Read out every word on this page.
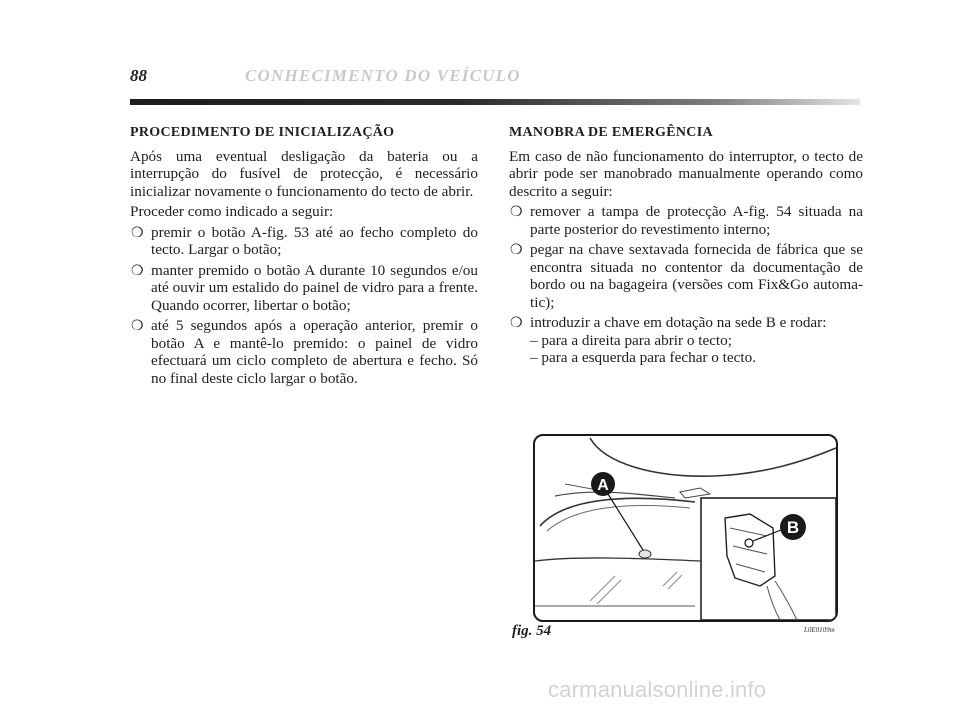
88	CONHECIMENTO DO VEÍCULO
PROCEDIMENTO DE INICIALIZAÇÃO

Após uma eventual desligação da bateria ou a interrupção do fusível de protecção, é necessário inicializar novamente o funcionamento do tecto de abrir.

Proceder como indicado a seguir:

❍ premir o botão A-fig. 53 até ao fecho completo do tecto. Largar o botão;
❍ manter premido o botão A durante 10 segundos e/ou até ouvir um estalido do painel de vidro para a frente. Quando ocorrer, libertar o botão;
❍ até 5 segundos após a operação anterior, premir o botão A e mantê-lo premido: o painel de vidro efectuará um ciclo completo de abertura e fecho. Só no final deste ciclo largar o botão.
MANOBRA DE EMERGÊNCIA

Em caso de não funcionamento do interruptor, o tecto de abrir pode ser manobrado manualmente operando como descrito a seguir:

❍ remover a tampa de protecção A-fig. 54 situada na parte posterior do revestimento interno;
❍ pegar na chave sextavada fornecida de fábrica que se encontra situada no contentor da documentação de bordo ou na bagageira (versões com Fix&Go automa-tic);
❍ introduzir a chave em dotação na sede B e rodar:
– para a direita para abrir o tecto;
– para a esquerda para fechar o tecto.
A
B
fig. 54	L0E0109m
carmanualsonline.info
